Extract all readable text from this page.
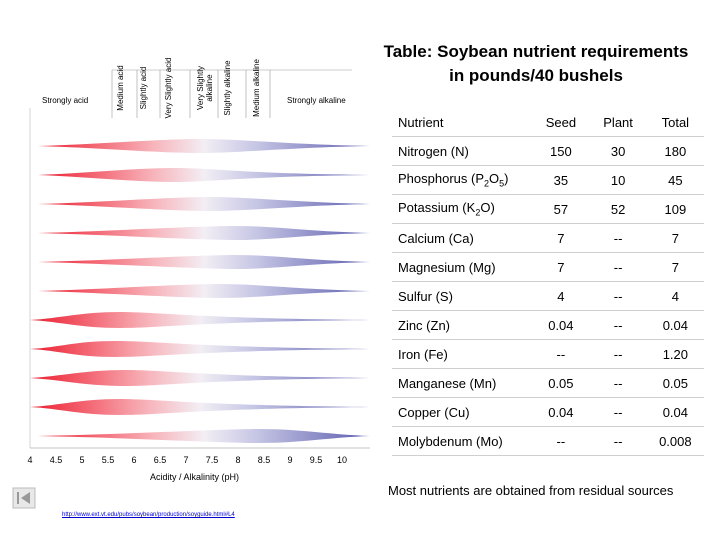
Table: Soybean nutrient requirements
in pounds/40 bushels
Strongly acid	Strongly alkaline
Medium acid	Slightly acid	Very Slightly acid	Very Slightly alkaline Slightly alkaline	Medium alkaline
4 4.5 5 5.5 6 6.5 7 7.5 8 8.5 9 9.5 10
Acidity / Alkalinity (pH)
Nutrient	Seed	Plant	Total
Nitrogen (N)	150	30	180
Phosphorus $(P_2O_5)$	35	10	45
Potassium $(K_2O)$	57	52	109
Calcium (Ca)	7	--	7
Magnesium (Mg)	7	--	7
Sulfur (S)	4	--	4
Zinc (Zn)	0.04	--	0.04
Iron (Fe)	--	--	1.20
Manganese (Mn)	0.05	--	0.05
Copper (Cu)	0.04	--	0.04
Molybdenum (Mo)	--	--	0.008
Most nutrients are obtained from residual sources
http://www.ext.vt.edu/pubs/soybean/production/soyguide.html#L4
